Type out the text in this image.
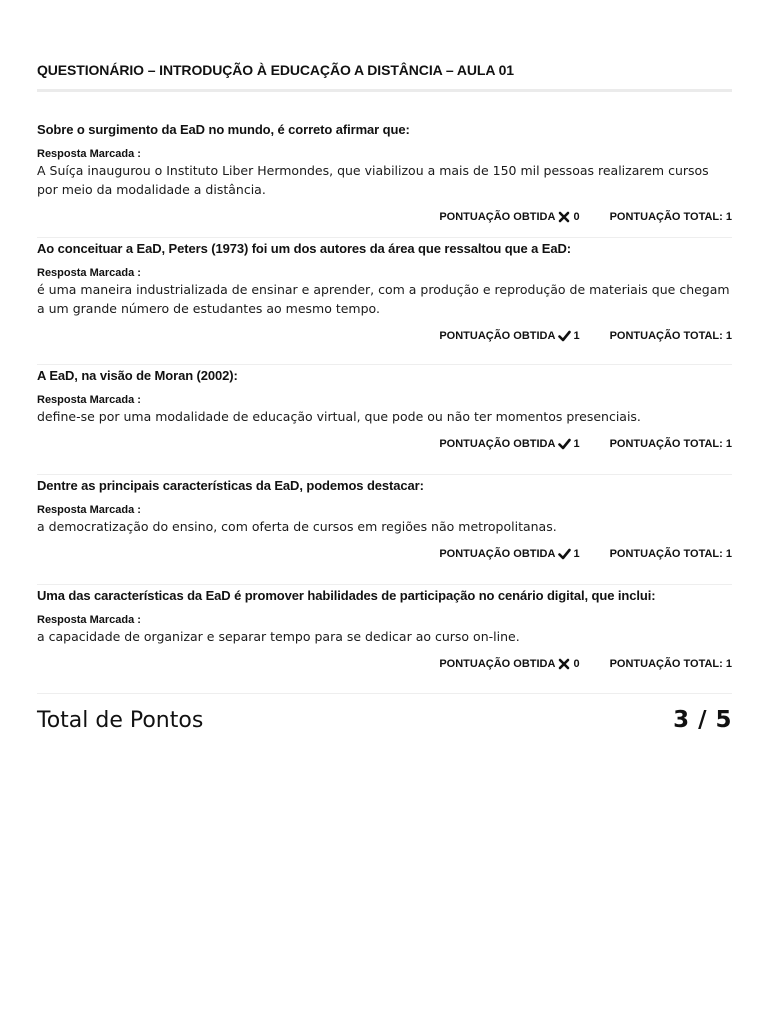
QUESTIONÁRIO – INTRODUÇÃO À EDUCAÇÃO A DISTÂNCIA – AULA 01
Sobre o surgimento da EaD no mundo, é correto afirmar que:
Resposta Marcada :
A Suíça inaugurou o Instituto Liber Hermondes, que viabilizou a mais de 150 mil pessoas realizarem cursos por meio da modalidade a distância.
PONTUAÇÃO OBTIDA 0	PONTUAÇÃO TOTAL: 1
Ao conceituar a EaD, Peters (1973) foi um dos autores da área que ressaltou que a EaD:
Resposta Marcada :
é uma maneira industrializada de ensinar e aprender, com a produção e reprodução de materiais que chegam a um grande número de estudantes ao mesmo tempo.
PONTUAÇÃO OBTIDA 1	PONTUAÇÃO TOTAL: 1
A EaD, na visão de Moran (2002):
Resposta Marcada :
define-se por uma modalidade de educação virtual, que pode ou não ter momentos presenciais.
PONTUAÇÃO OBTIDA 1	PONTUAÇÃO TOTAL: 1
Dentre as principais características da EaD, podemos destacar:
Resposta Marcada :
a democratização do ensino, com oferta de cursos em regiões não metropolitanas.
PONTUAÇÃO OBTIDA 1	PONTUAÇÃO TOTAL: 1
Uma das características da EaD é promover habilidades de participação no cenário digital, que inclui:
Resposta Marcada :
a capacidade de organizar e separar tempo para se dedicar ao curso on-line.
PONTUAÇÃO OBTIDA 0	PONTUAÇÃO TOTAL: 1
Total de Pontos	3 / 5
